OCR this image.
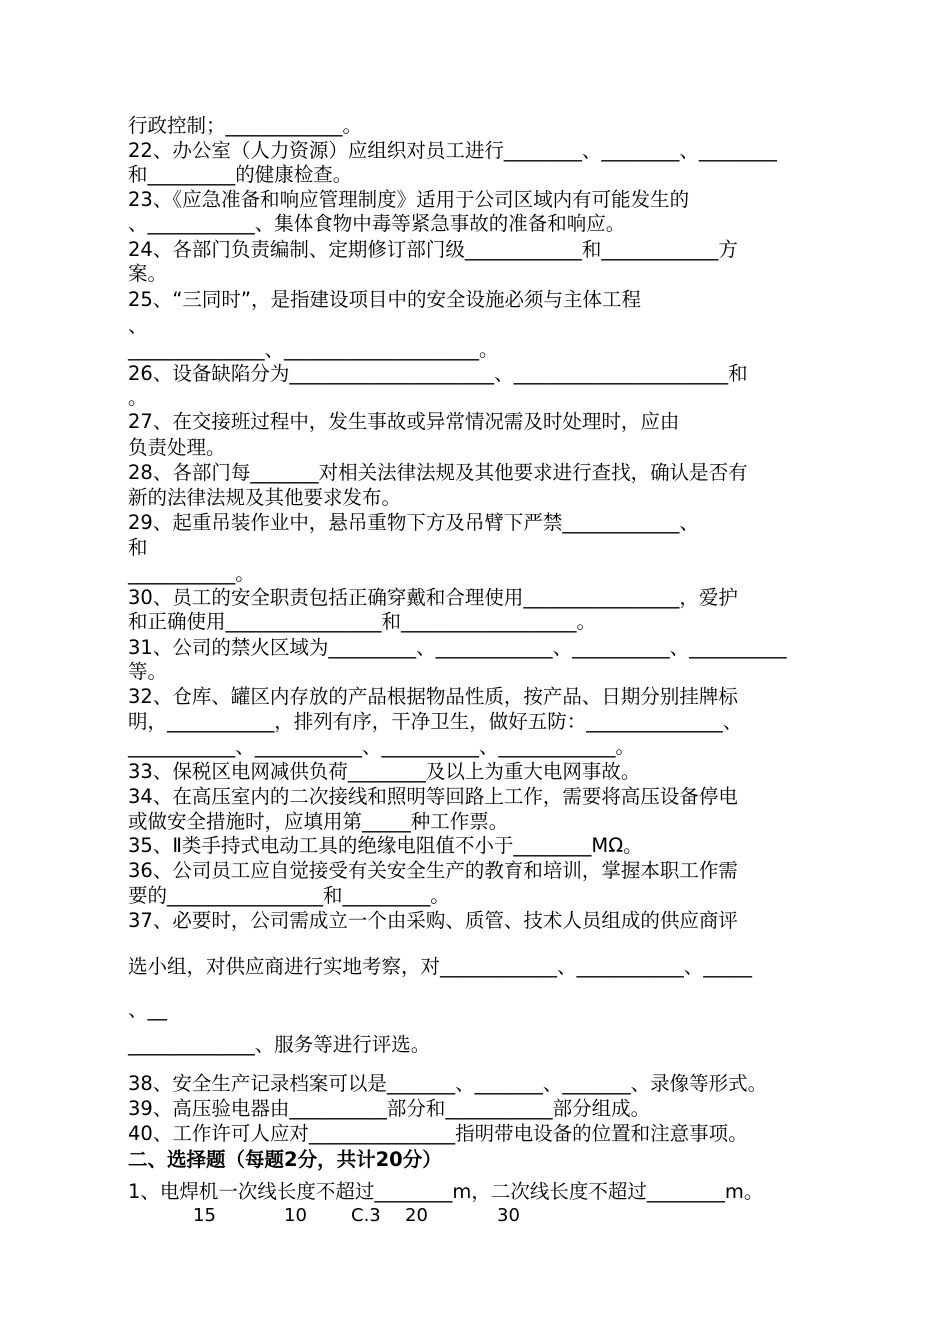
行政控制；____________。
22、办公室（人力资源）应组织对员工进行________、________、________
和_________的健康检查。
23、《应急准备和响应管理制度》适用于公司区域内有可能发生的
、___________、集体食物中毒等紧急事故的准备和响应。
24、各部门负责编制、定期修订部门级____________和____________方
案。
25、“三同时”，是指建设项目中的安全设施必须与主体工程
、
______________、____________________。
26、设备缺陷分为_____________________、______________________和
。
27、在交接班过程中，发生事故或异常情况需及时处理时，应由
负责处理。
28、各部门每_______对相关法律法规及其他要求进行查找，确认是否有
新的法律法规及其他要求发布。
29、起重吊装作业中，悬吊重物下方及吊臂下严禁____________、
和
___________。
30、员工的安全职责包括正确穿戴和合理使用________________，爱护
和正确使用________________和__________________。
31、公司的禁火区域为_________、____________、__________、__________
等。
32、仓库、罐区内存放的产品根据物品性质，按产品、日期分别挂牌标
明，___________，排列有序，干净卫生，做好五防：______________、
___________、___________、__________、____________。
33、保税区电网减供负荷________及以上为重大电网事故。
34、在高压室内的二次接线和照明等回路上工作，需要将高压设备停电
或做安全措施时，应填用第_____种工作票。
35、Ⅱ类手持式电动工具的绝缘电阻值不小于________MΩ。
36、公司员工应自觉接受有关安全生产的教育和培训，掌握本职工作需
要的________________和_________。
37、必要时，公司需成立一个由采购、质管、技术人员组成的供应商评
选小组，对供应商进行实地考察，对____________、___________、_____
、__
_____________、服务等进行评选。
38、安全生产记录档案可以是_______、_______、_______、录像等形式。
39、高压验电器由__________部分和___________部分组成。
40、工作许可人应对_______________指明带电设备的位置和注意事项。
二、选择题（每题2分，共计20分）
1、电焊机一次线长度不超过________m，二次线长度不超过________m。
15	10 C.3 20	30
